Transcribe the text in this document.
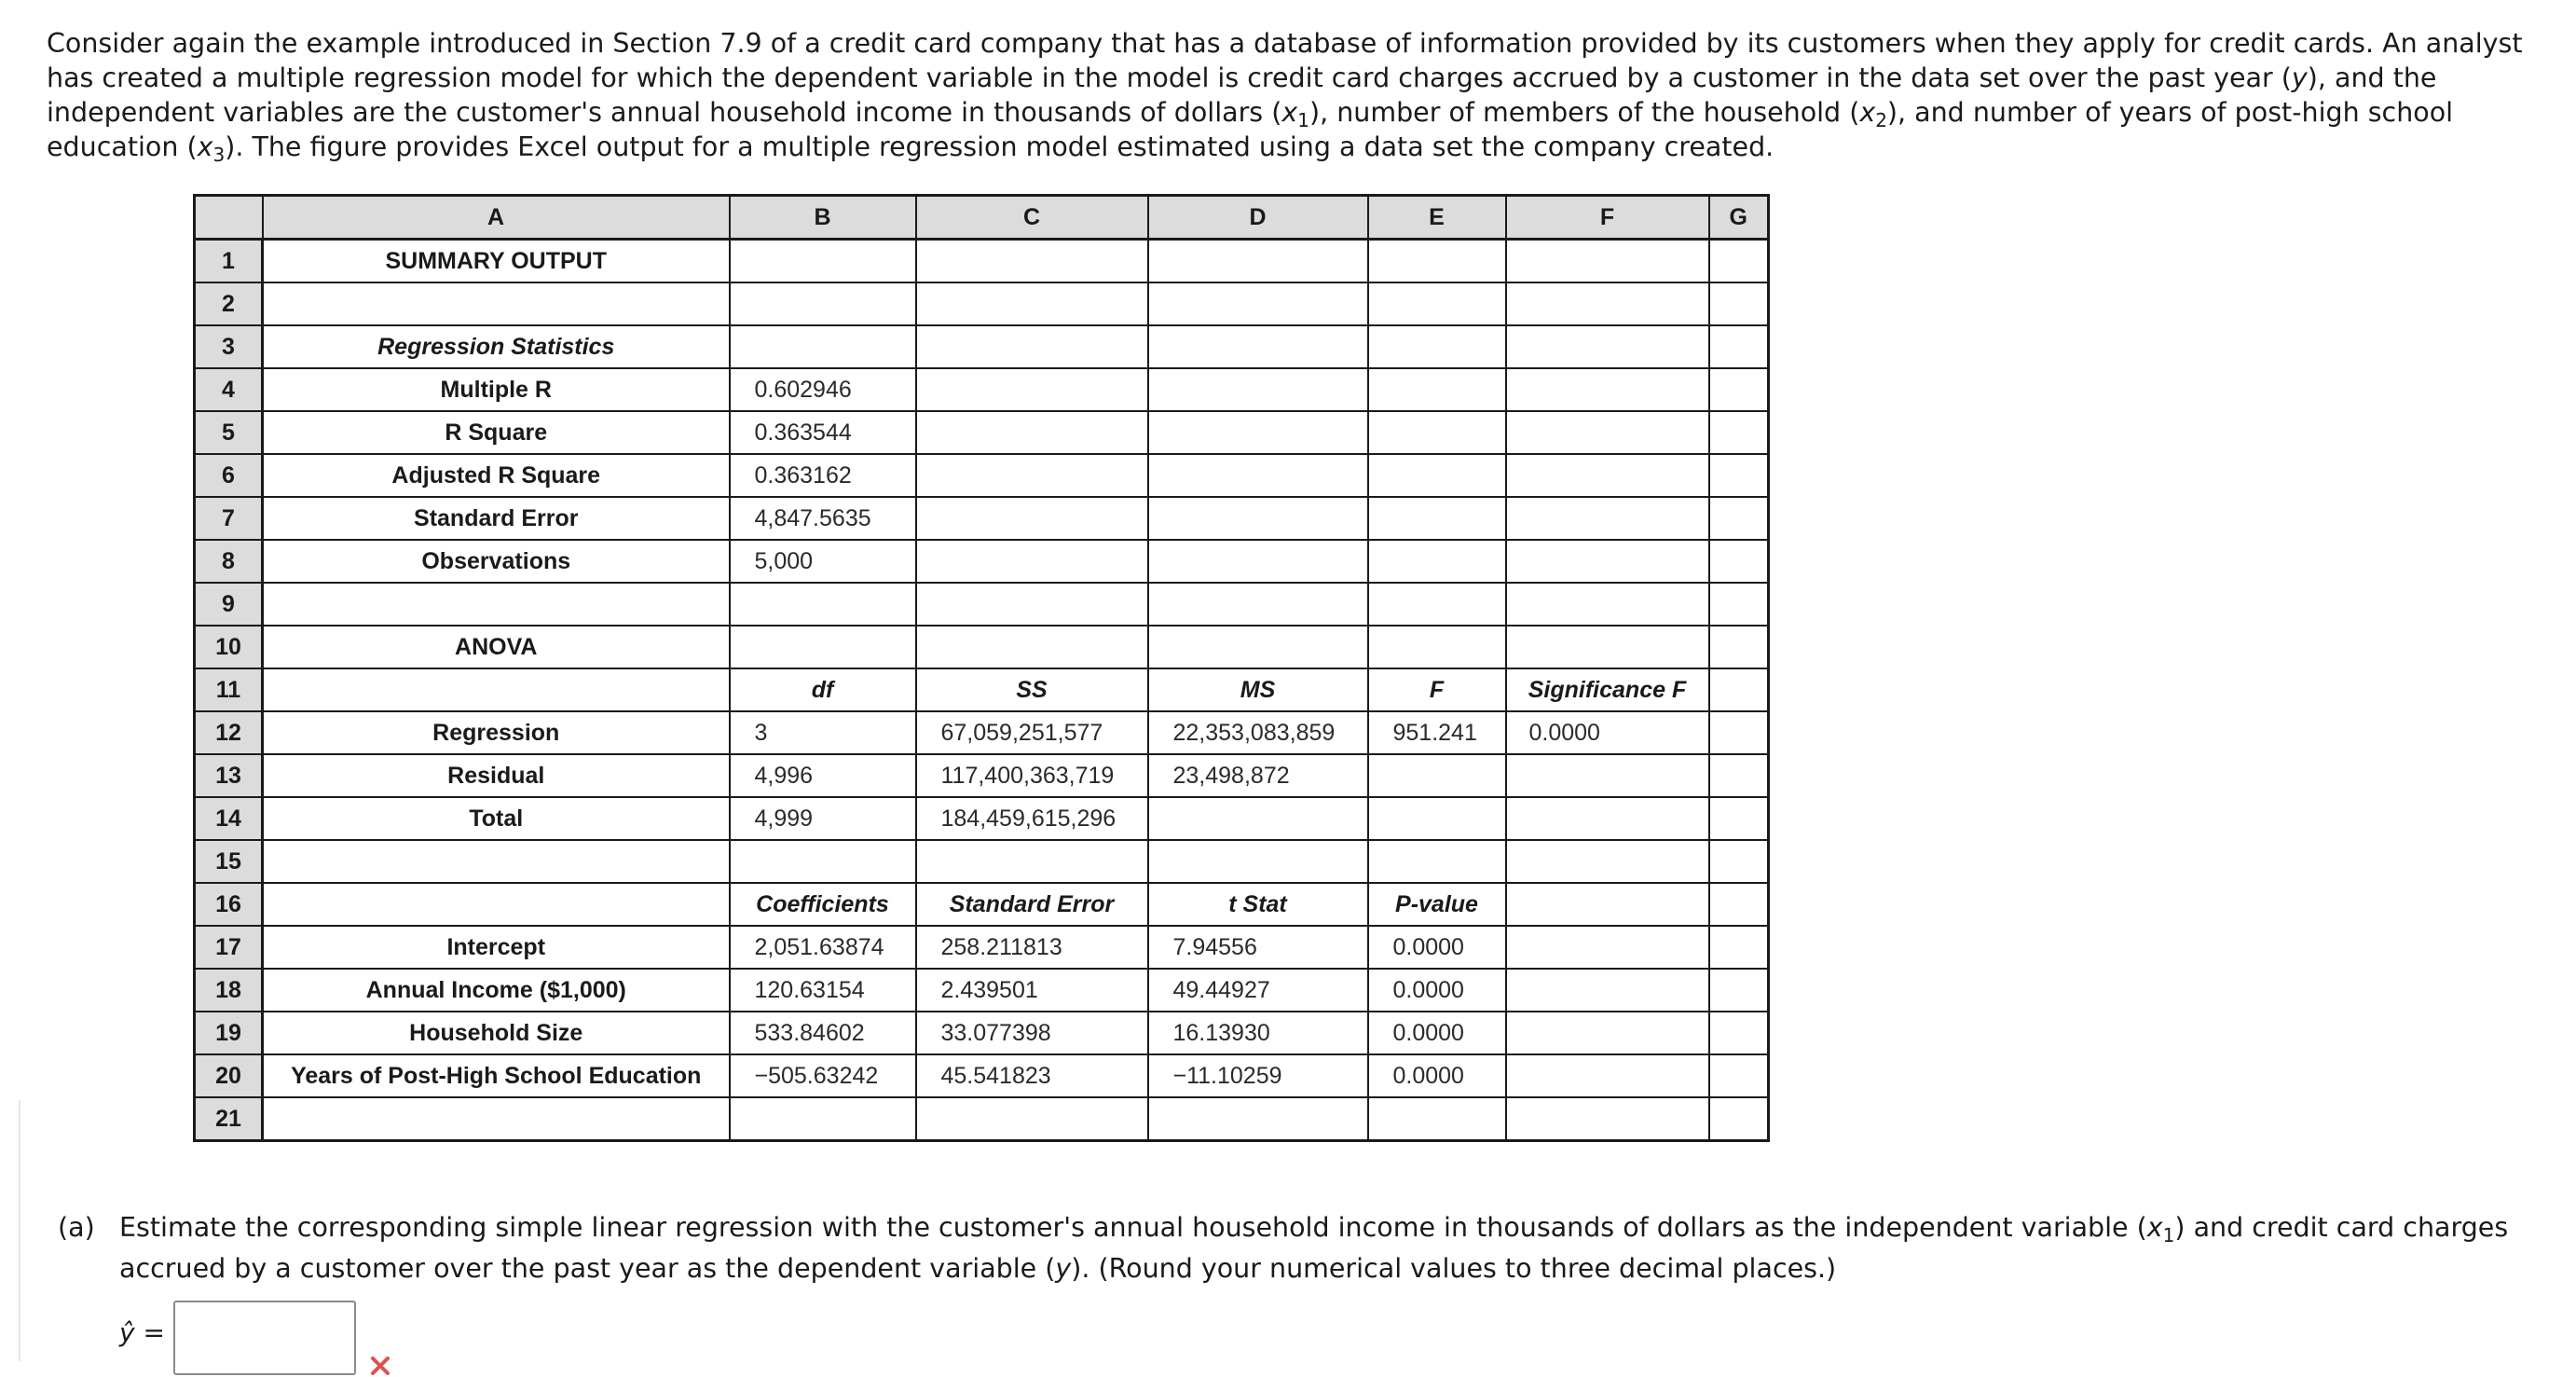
Consider again the example introduced in Section 7.9 of a credit card company that has a database of information provided by its customers when they apply for credit cards. An analyst has created a multiple regression model for which the dependent variable in the model is credit card charges accrued by a customer in the data set over the past year (y), and the independent variables are the customer's annual household income in thousands of dollars $(x_1)$, number of members of the household $(x_2)$, and number of years of post-high school education $(x_3)$. The figure provides Excel output for a multiple regression model estimated using a data set the company created.
	A	B	C	D	E	F	G
1	SUMMARY OUTPUT						
2							
3	Regression Statistics						
4	Multiple R	0.602946					
5	R Square	0.363544					
6	Adjusted R Square	0.363162					
7	Standard Error	4,847.5635					
8	Observations	5,000					
9							
10	ANOVA						
11		df	SS	MS	F	Significance F	
12	Regression	3	67,059,251,577	22,353,083,859	951.241	0.0000	
13	Residual	4,996	117,400,363,719	23,498,872			
14	Total	4,999	184,459,615,296				
15							
16		Coefficients	Standard Error	t Stat	P-value		
17	Intercept	2,051.63874	258.211813	7.94556	0.0000		
18	Annual Income ($1,000)	120.63154	2.439501	49.44927	0.0000		
19	Household Size	533.84602	33.077398	16.13930	0.0000		
20	Years of Post-High School Education	−505.63242	45.541823	−11.10259	0.0000		
21							
(a) Estimate the corresponding simple linear regression with the customer's annual household income in thousands of dollars as the independent variable $(x_1)$ and credit card charges accrued by a customer over the past year as the dependent variable (y). (Round your numerical values to three decimal places.)
ŷ =
